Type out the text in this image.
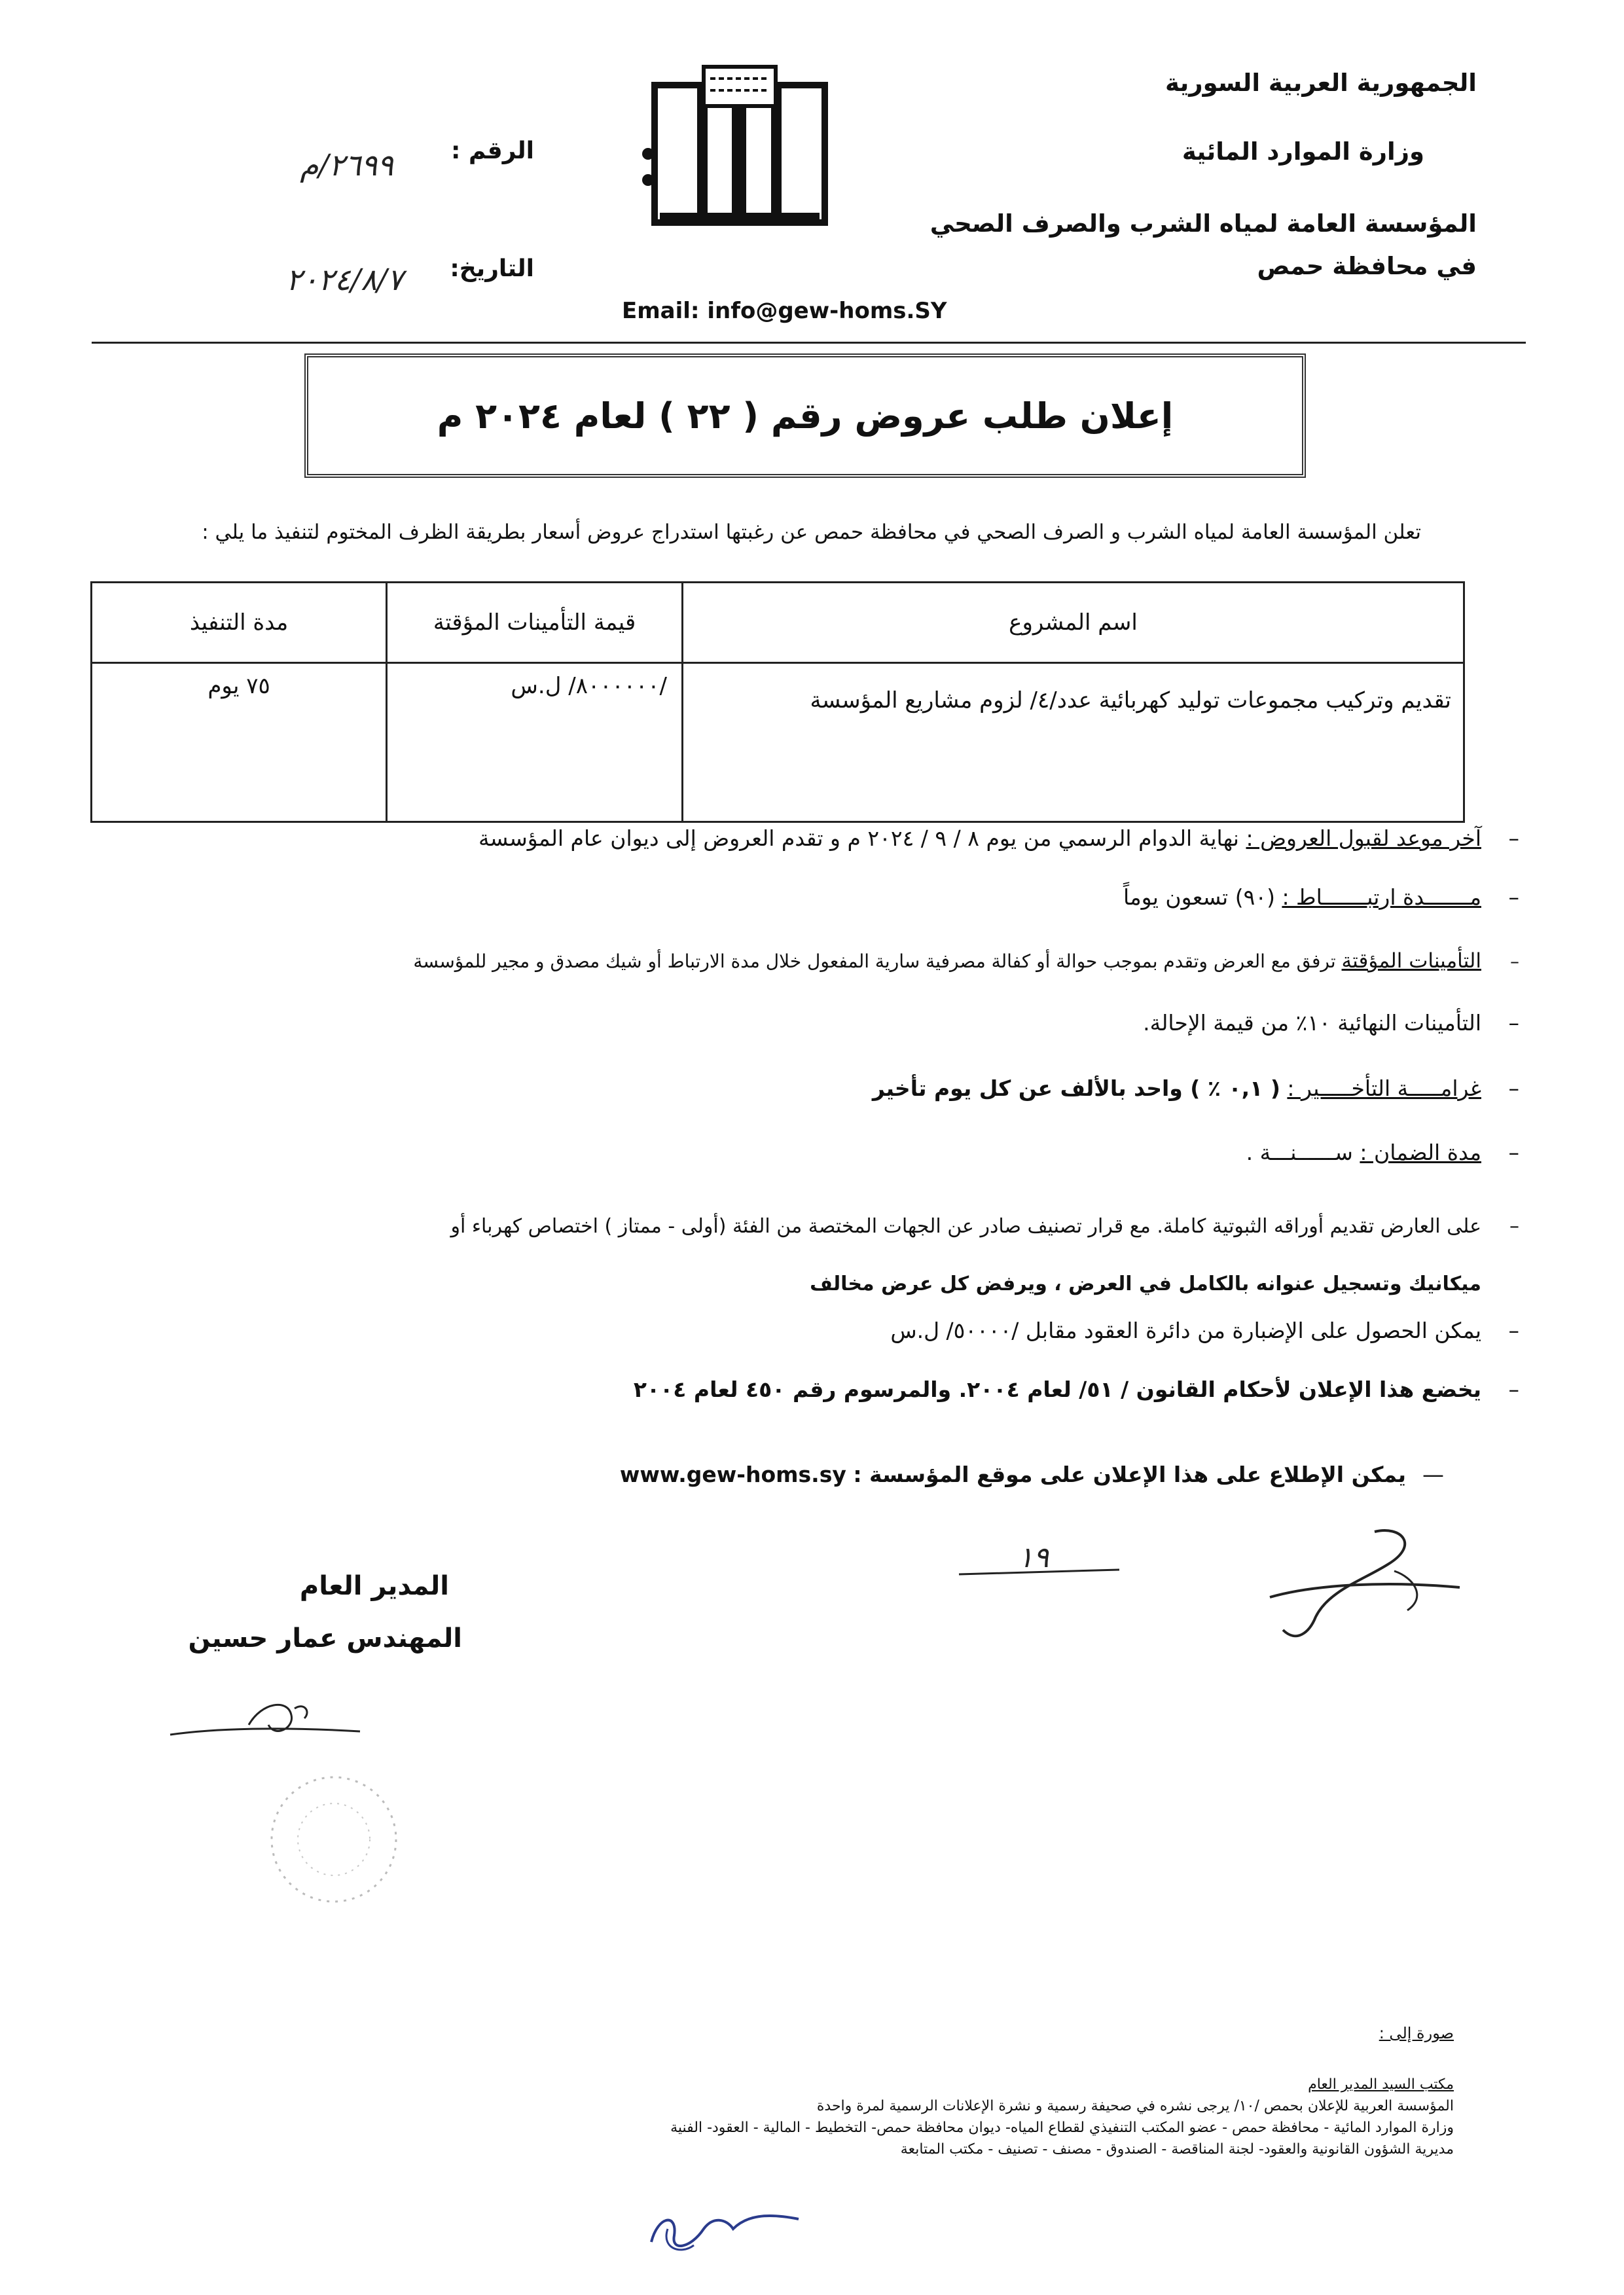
الجمهورية العربية السورية
وزارة الموارد المائية
المؤسسة العامة لمياه الشرب والصرف الصحي
في محافظة حمص
الرقم :
٢٦٩٩/م
التاريخ:
٢٠٢٤/٨/٧
Email: info@gew-homs.SY
إعلان طلب عروض رقم ( ٢٢ ) لعام ٢٠٢٤ م
تعلن المؤسسة العامة لمياه الشرب و الصرف الصحي في محافظة حمص عن رغبتها استدراج عروض أسعار بطريقة الظرف المختوم لتنفيذ ما يلي :
اسم المشروع	قيمة التأمينات المؤقتة	مدة التنفيذ
تقديم وتركيب مجموعات توليد كهربائية عدد/٤/ لزوم مشاريع المؤسسة	/٨٠٠٠٠٠٠/ ل.س	٧٥ يوم
–آخر موعد لقبول العروض : نهاية الدوام الرسمي من يوم ٨ / ٩ / ٢٠٢٤ م و تقدم العروض إلى ديوان عام المؤسسة
–مـــــــدة ارتبـــــــاط : (٩٠) تسعون يوماً
–التأمينات المؤقتة ترفق مع العرض وتقدم بموجب حوالة أو كفالة مصرفية سارية المفعول خلال مدة الارتباط أو شيك مصدق و مجير للمؤسسة
–التأمينات النهائية ١٠٪ من قيمة الإحالة.
–غرامـــــة التأخـــــير : ( ٠,١ ٪ ) واحد بالألف عن كل يوم تأخير
–مدة الضمان : ســــــنـــة .
–على العارض تقديم أوراقه الثبوتية كاملة. مع قرار تصنيف صادر عن الجهات المختصة من الفئة (أولى - ممتاز ) اختصاص كهرباء أو
ميكانيك وتسجيل عنوانه بالكامل في العرض ، ويرفض كل عرض مخالف
–يمكن الحصول على الإضبارة من دائرة العقود مقابل /٥٠٠٠٠/ ل.س
–يخضع هذا الإعلان لأحكام القانون / ٥١/ لعام ٢٠٠٤. والمرسوم رقم ٤٥٠ لعام ٢٠٠٤
—يمكن الإطلاع على هذا الإعلان على موقع المؤسسة : www.gew-homs.sy
١٩
المدير العام
المهندس عمار حسين
صورة إلى :
مكتب السيد المدير العام
المؤسسة العربية للإعلان بحمص /١٠/ يرجى نشره في صحيفة رسمية و نشرة الإعلانات الرسمية لمرة واحدة
وزارة الموارد المائية - محافظة حمص - عضو المكتب التنفيذي لقطاع المياه- ديوان محافظة حمص- التخطيط - المالية - العقود- الفنية
مديرية الشؤون القانونية والعقود- لجنة المناقصة - الصندوق - مصنف - تصنيف - مكتب المتابعة
